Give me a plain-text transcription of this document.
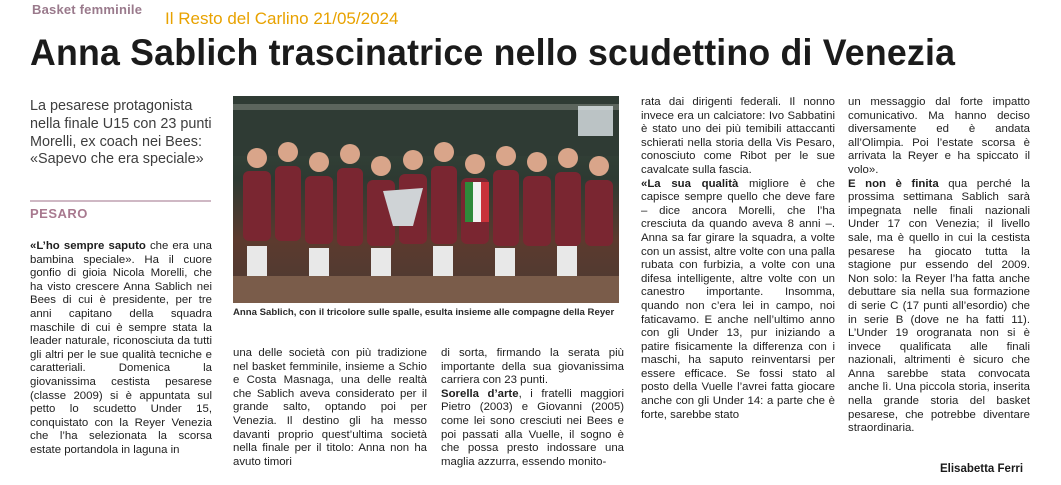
Basket femminile Il Resto del Carlino 21/05/2024
Anna Sablich trascinatrice nello scudettino di Venezia
La pesarese protagonista nella finale U15 con 23 punti Morelli, ex coach nei Bees: «Sapevo che era speciale»
PESARO

«L’ho sempre saputo che era una bambina speciale». Ha il cuore gonfio di gioia Nicola Morelli, che ha visto crescere Anna Sablich nei Bees di cui è presidente, per tre anni capitano della squadra maschile di cui è sempre stata la leader naturale, riconosciuta da tutti gli altri per le sue qualità tecniche e caratteriali. Domenica la giovanissima cestista pesarese (classe 2009) si è appuntata sul petto lo scudetto Under 15, conquistato con la Reyer Venezia che l’ha selezionata la scorsa estate portandola in laguna in

Anna Sablich, con il tricolore sulle spalle, esulta insieme alle compagne della Reyer

una delle società con più tradizione nel basket femminile, insieme a Schio e Costa Masnaga, una delle realtà che Sablich aveva considerato per il grande salto, optando poi per Venezia. Il destino gli ha messo davanti proprio quest’ultima società nella finale per il titolo: Anna non ha avuto timori

di sorta, firmando la serata più importante della sua giovanissima carriera con 23 punti.
Sorella d’arte, i fratelli maggiori Pietro (2003) e Giovanni (2005) come lei sono cresciuti nei Bees e poi passati alla Vuelle, il sogno è che possa presto indossare una maglia azzurra, essendo monito-

rata dai dirigenti federali. Il nonno invece era un calciatore: Ivo Sabbatini è stato uno dei più temibili attaccanti schierati nella storia della Vis Pesaro, conosciuto come Ribot per le sue cavalcate sulla fascia.
«La sua qualità migliore è che capisce sempre quello che deve fare – dice ancora Morelli, che l’ha cresciuta da quando aveva 8 anni –. Anna sa far girare la squadra, a volte con un assist, altre volte con una palla rubata con furbizia, a volte con una difesa intelligente, altre volte con un canestro importante. Insomma, quando non c’era lei in campo, noi faticavamo. E anche nell’ultimo anno con gli Under 13, pur iniziando a patire fisicamente la differenza con i maschi, ha saputo reinventarsi per essere efficace. Se fossi stato al posto della Vuelle l’avrei fatta giocare anche con gli Under 14: a parte che è forte, sarebbe stato

un messaggio dal forte impatto comunicativo. Ma hanno deciso diversamente ed è andata all’Olimpia. Poi l’estate scorsa è arrivata la Reyer e ha spiccato il volo».
E non è finita qua perché la prossima settimana Sablich sarà impegnata nelle finali nazionali Under 17 con Venezia; il livello sale, ma è quello in cui la cestista pesarese ha giocato tutta la stagione pur essendo del 2009. Non solo: la Reyer l’ha fatta anche debuttare sia nella sua formazione di serie C (17 punti all’esordio) che in serie B (dove ne ha fatti 11). L’Under 19 orogranata non si è invece qualificata alle finali nazionali, altrimenti è sicuro che Anna sarebbe stata convocata anche lì. Una piccola storia, inserita nella grande storia del basket pesarese, che potrebbe diventare straordinaria.

Elisabetta Ferri
